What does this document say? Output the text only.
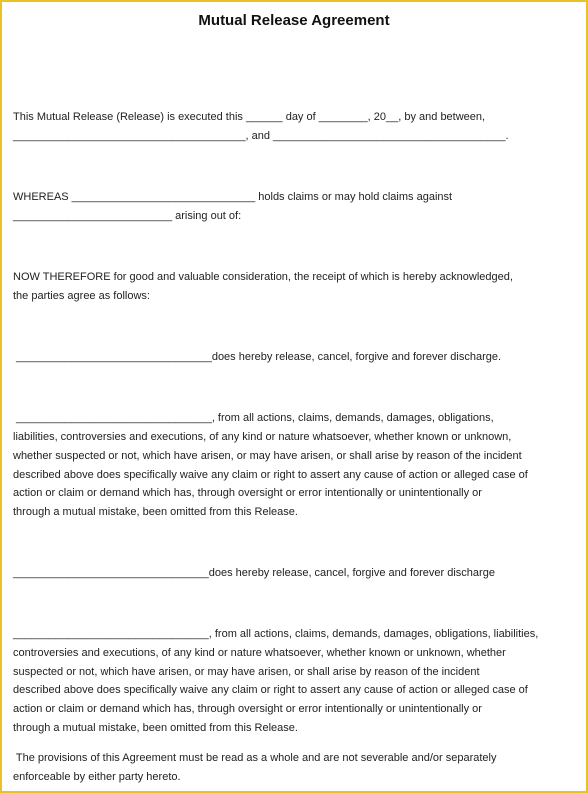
Mutual Release Agreement
This Mutual Release (Release) is executed this ______ day of ________, 20__, by and between,
______________________________________, and ______________________________________.
WHEREAS ______________________________ holds claims or may hold claims against
__________________________ arising out of:
NOW THEREFORE for good and valuable consideration, the receipt of which is hereby acknowledged,
the parties agree as follows:
________________________________does hereby release, cancel, forgive and forever discharge.
________________________________, from all actions, claims, demands, damages, obligations,
liabilities, controversies and executions, of any kind or nature whatsoever, whether known or unknown,
whether suspected or not, which have arisen, or may have arisen, or shall arise by reason of the incident
described above does specifically waive any claim or right to assert any cause of action or alleged case of
action or claim or demand which has, through oversight or error intentionally or unintentionally or
through a mutual mistake, been omitted from this Release.
________________________________does hereby release, cancel, forgive and forever discharge
________________________________, from all actions, claims, demands, damages, obligations, liabilities,
controversies and executions, of any kind or nature whatsoever, whether known or unknown, whether
suspected or not, which have arisen, or may have arisen, or shall arise by reason of the incident
described above does specifically waive any claim or right to assert any cause of action or alleged case of
action or claim or demand which has, through oversight or error intentionally or unintentionally or
through a mutual mistake, been omitted from this Release.
The provisions of this Agreement must be read as a whole and are not severable and/or separately
enforceable by either party hereto.
